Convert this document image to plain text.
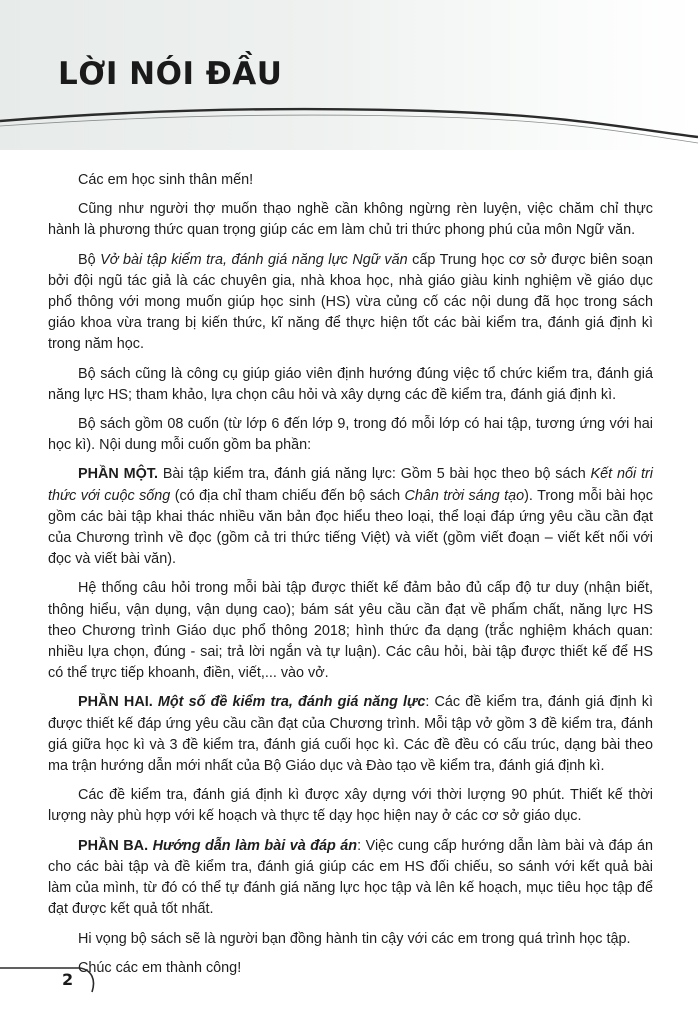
LỜI NÓI ĐẦU

Các em học sinh thân mến!

Cũng như người thợ muốn thạo nghề cần không ngừng rèn luyện, việc chăm chỉ thực hành là phương thức quan trọng giúp các em làm chủ tri thức phong phú của môn Ngữ văn.

Bộ Vở bài tập kiểm tra, đánh giá năng lực Ngữ văn cấp Trung học cơ sở được biên soạn bởi đội ngũ tác giả là các chuyên gia, nhà khoa học, nhà giáo giàu kinh nghiệm về giáo dục phổ thông với mong muốn giúp học sinh (HS) vừa củng cố các nội dung đã học trong sách giáo khoa vừa trang bị kiến thức, kĩ năng để thực hiện tốt các bài kiểm tra, đánh giá định kì trong năm học.

Bộ sách cũng là công cụ giúp giáo viên định hướng đúng việc tổ chức kiểm tra, đánh giá năng lực HS; tham khảo, lựa chọn câu hỏi và xây dựng các đề kiểm tra, đánh giá định kì.

Bộ sách gồm 08 cuốn (từ lớp 6 đến lớp 9, trong đó mỗi lớp có hai tập, tương ứng với hai học kì). Nội dung mỗi cuốn gồm ba phần:

PHẦN MỘT. Bài tập kiểm tra, đánh giá năng lực: Gồm 5 bài học theo bộ sách Kết nối tri thức với cuộc sống (có địa chỉ tham chiếu đến bộ sách Chân trời sáng tạo). Trong mỗi bài học gồm các bài tập khai thác nhiều văn bản đọc hiểu theo loại, thể loại đáp ứng yêu cầu cần đạt của Chương trình về đọc (gồm cả tri thức tiếng Việt) và viết (gồm viết đoạn – viết kết nối với đọc và viết bài văn).

Hệ thống câu hỏi trong mỗi bài tập được thiết kế đảm bảo đủ cấp độ tư duy (nhận biết, thông hiểu, vận dụng, vận dụng cao); bám sát yêu cầu cần đạt về phẩm chất, năng lực HS theo Chương trình Giáo dục phổ thông 2018; hình thức đa dạng (trắc nghiệm khách quan: nhiều lựa chọn, đúng - sai; trả lời ngắn và tự luận). Các câu hỏi, bài tập được thiết kế để HS có thể trực tiếp khoanh, điền, viết,... vào vở.

PHẦN HAI. Một số đề kiểm tra, đánh giá năng lực: Các đề kiểm tra, đánh giá định kì được thiết kế đáp ứng yêu cầu cần đạt của Chương trình. Mỗi tập vở gồm 3 đề kiểm tra, đánh giá giữa học kì và 3 đề kiểm tra, đánh giá cuối học kì. Các đề đều có cấu trúc, dạng bài theo ma trận hướng dẫn mới nhất của Bộ Giáo dục và Đào tạo về kiểm tra, đánh giá định kì.

Các đề kiểm tra, đánh giá định kì được xây dựng với thời lượng 90 phút. Thiết kế thời lượng này phù hợp với kế hoạch và thực tế dạy học hiện nay ở các cơ sở giáo dục.

PHẦN BA. Hướng dẫn làm bài và đáp án: Việc cung cấp hướng dẫn làm bài và đáp án cho các bài tập và đề kiểm tra, đánh giá giúp các em HS đối chiếu, so sánh với kết quả bài làm của mình, từ đó có thể tự đánh giá năng lực học tập và lên kế hoạch, mục tiêu học tập để đạt được kết quả tốt nhất.

Hi vọng bộ sách sẽ là người bạn đồng hành tin cậy với các em trong quá trình học tập.

Chúc các em thành công!

2
